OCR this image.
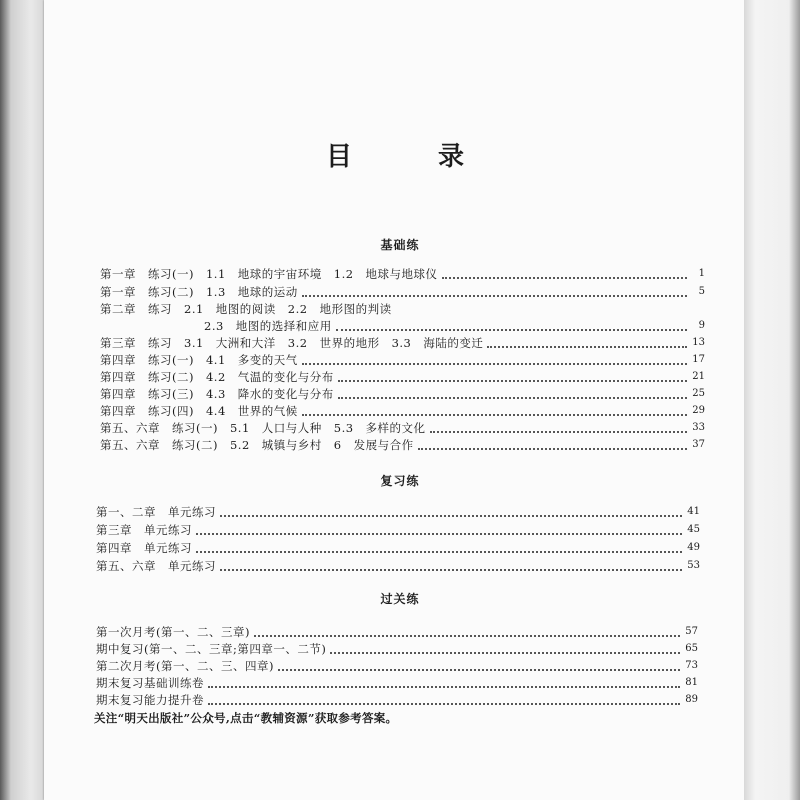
目　录
基础练
第一章　练习(一)　1.1　地球的宇宙环境　1.2　地球与地球仪	1
第一章　练习(二)　1.3　地球的运动	5
第二章　练习　2.1　地图的阅读　2.2　地形图的判读
2.3　地图的选择和应用	9
第三章　练习　3.1　大洲和大洋　3.2　世界的地形　3.3　海陆的变迁	13
第四章　练习(一)　4.1　多变的天气	17
第四章　练习(二)　4.2　气温的变化与分布	21
第四章　练习(三)　4.3　降水的变化与分布	25
第四章　练习(四)　4.4　世界的气候	29
第五、六章　练习(一)　5.1　人口与人种　5.3　多样的文化	33
第五、六章　练习(二)　5.2　城镇与乡村　6　发展与合作	37
复习练
第一、二章　单元练习	41
第三章　单元练习	45
第四章　单元练习	49
第五、六章　单元练习	53
过关练
第一次月考(第一、二、三章)	57
期中复习(第一、二、三章;第四章一、二节)	65
第二次月考(第一、二、三、四章)	73
期末复习基础训练卷	81
期末复习能力提升卷	89
关注“明天出版社”公众号,点击“教辅资源”获取参考答案。
